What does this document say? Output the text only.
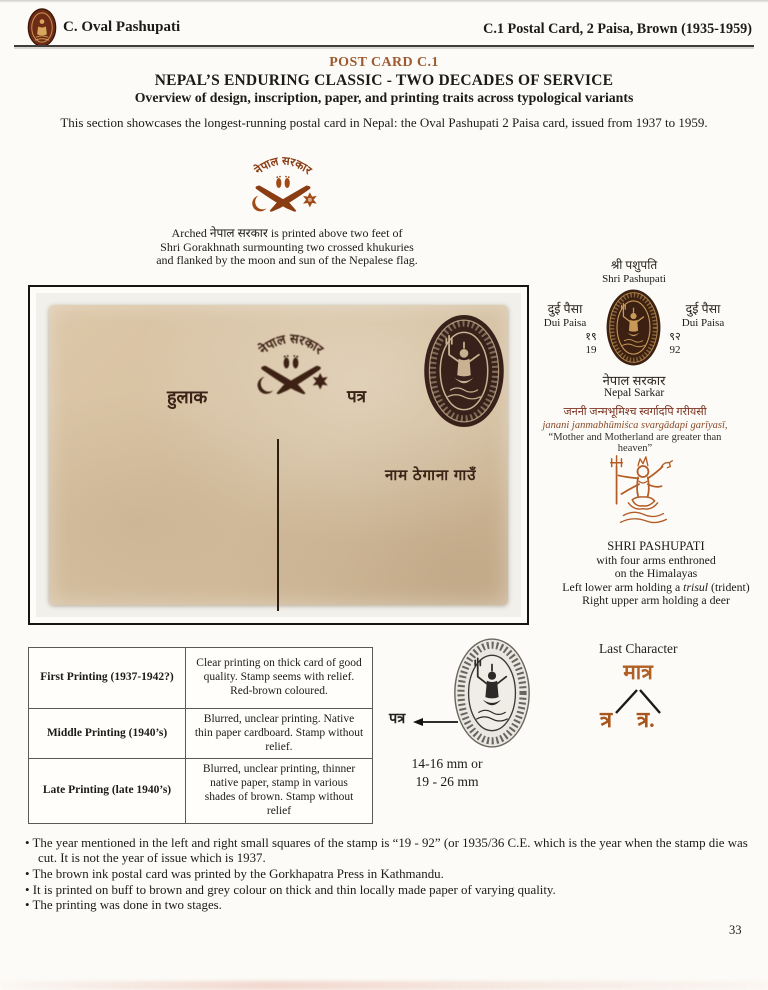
C. Oval Pashupati	C.1 Postal Card, 2 Paisa, Brown (1935-1959)
POST CARD C.1
NEPAL’S ENDURING CLASSIC - TWO DECADES OF SERVICE
Overview of design, inscription, paper, and printing traits across typological variants
This section showcases the longest-running postal card in Nepal: the Oval Pashupati 2 Paisa card, issued from 1937 to 1959.
नेपाल सरकार
Arched नेपाल सरकार is printed above two feet of
Shri Gorakhnath surmounting two crossed khukuries
and flanked by the moon and sun of the Nepalese flag.
नेपाल सरकार
हुलाक	पत्र
नाम ठेगाना गाउँ
श्री पशुपति
Shri Pashupati
दुई पैसा
Dui Paisa
दुई पैसा
Dui Paisa
१९
19
९२
92
नेपाल सरकार
Nepal Sarkar
जननी जन्मभूमिश्च स्वर्गादपि गरीयसी
janani janmabhūmiśca svargādapi garīyasī,
“Mother and Motherland are greater than heaven”
SHRI PASHUPATI
with four arms enthroned
on the Himalayas
Left lower arm holding a trisul (trident)
Right upper arm holding a deer
First Printing (1937-1942?)	Clear printing on thick card of good quality. Stamp seems with relief. Red-brown coloured.
Middle Printing (1940’s)	Blurred, unclear printing. Native thin paper cardboard. Stamp without relief.
Late Printing (late 1940’s)	Blurred, unclear printing, thinner native paper, stamp in various shades of brown. Stamp without relief
पत्र
14-16 mm or
19 - 26 mm
Last Character
मात्र
त्र त्र.
• The year mentioned in the left and right small squares of the stamp is “19 - 92” (or 1935/36 C.E. which is the year when the stamp die was cut. It is not the year of issue which is 1937.
• The brown ink postal card was printed by the Gorkhapatra Press in Kathmandu.
• It is printed on buff to brown and grey colour on thick and thin locally made paper of varying quality.
• The printing was done in two stages.
33
